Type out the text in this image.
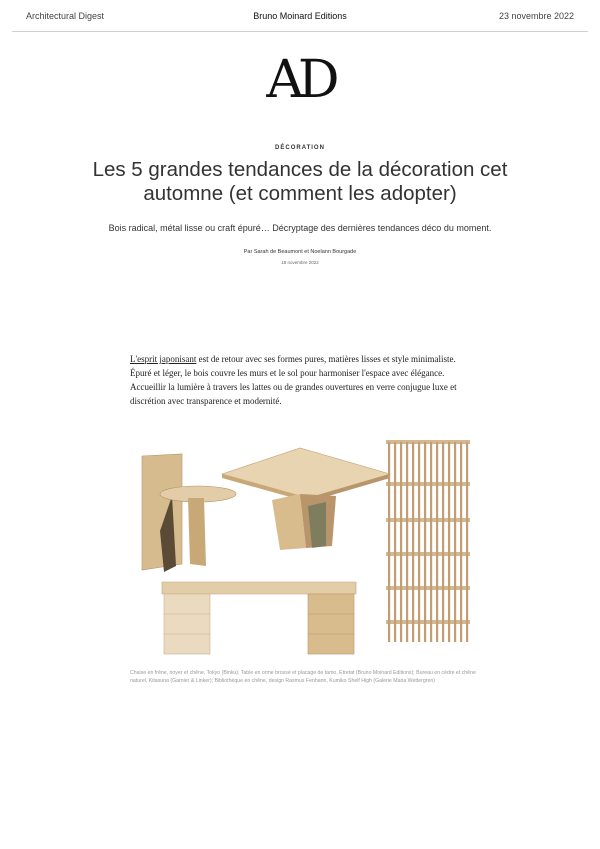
Architectural Digest	Bruno Moinard Editions	23 novembre 2022
AD
DÉCORATION
Les 5 grandes tendances de la décoration cet automne (et comment les adopter)
Bois radical, métal lisse ou craft épuré… Décryptage des dernières tendances déco du moment.
Par Sarah de Beaumont et Noelann Bourgade
18 novembre 2022
L'esprit japonisant est de retour avec ses formes pures, matières lisses et style minimaliste. Épuré et léger, le bois couvre les murs et le sol pour harmoniser l'espace avec élégance. Accueillir la lumière à travers les lattes ou de grandes ouvertures en verre conjugue luxe et discrétion avec transparence et modernité.
Chaise en frêne, noyer et chêne, Tokyo (Binku); Table en orme brossé et placage de tamo, Etretat (Bruno Moinard Editions); Bureau en cèdre et chêne naturel, Kitasuna (Garnier & Linker); Bibliothèque en chêne, design Rasmus Fenhann, Kumiko Shelf High (Galerie Maria Wettergren)
